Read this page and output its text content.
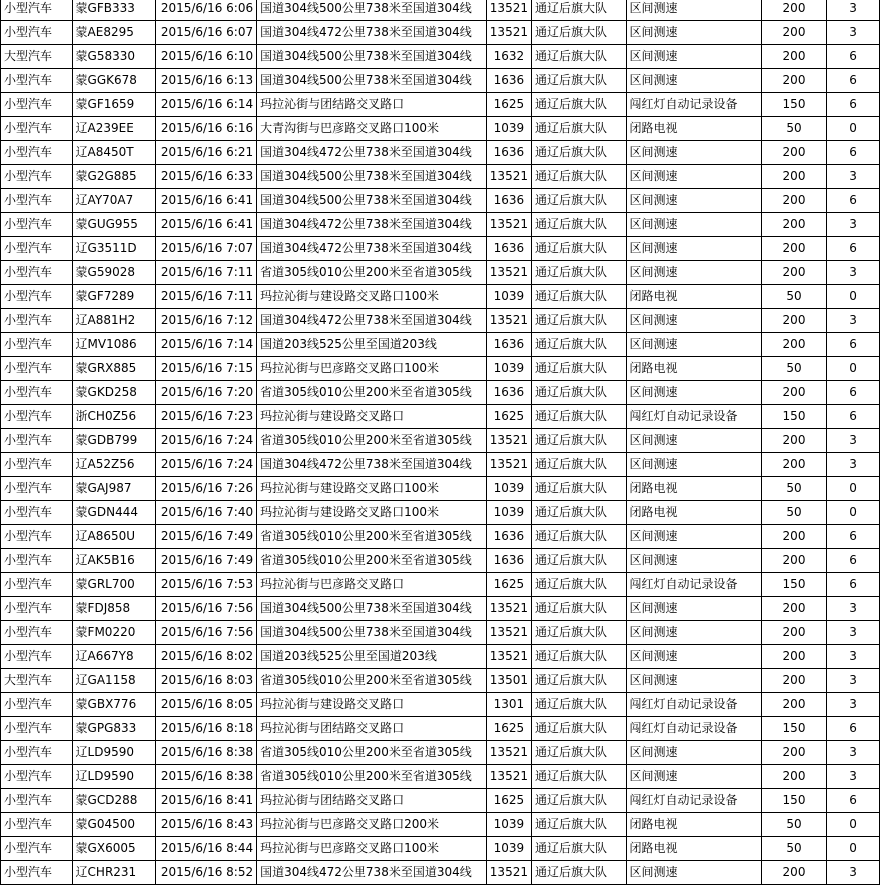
小型汽车	蒙GFB333	2015/6/16 6:06	国道304线500公里738米至国道304线	13521	通辽后旗大队	区间测速	200	3
小型汽车	蒙AE8295	2015/6/16 6:07	国道304线472公里738米至国道304线	13521	通辽后旗大队	区间测速	200	3
大型汽车	蒙G58330	2015/6/16 6:10	国道304线500公里738米至国道304线	1632	通辽后旗大队	区间测速	200	6
小型汽车	蒙GGK678	2015/6/16 6:13	国道304线500公里738米至国道304线	1636	通辽后旗大队	区间测速	200	6
小型汽车	蒙GF1659	2015/6/16 6:14	玛拉沁街与团结路交叉路口	1625	通辽后旗大队	闯红灯自动记录设备	150	6
小型汽车	辽A239EE	2015/6/16 6:16	大青沟街与巴彦路交叉路口100米	1039	通辽后旗大队	闭路电视	50	0
小型汽车	辽A8450T	2015/6/16 6:21	国道304线472公里738米至国道304线	1636	通辽后旗大队	区间测速	200	6
小型汽车	蒙G2G885	2015/6/16 6:33	国道304线500公里738米至国道304线	13521	通辽后旗大队	区间测速	200	3
小型汽车	辽AY70A7	2015/6/16 6:41	国道304线500公里738米至国道304线	1636	通辽后旗大队	区间测速	200	6
小型汽车	蒙GUG955	2015/6/16 6:41	国道304线472公里738米至国道304线	13521	通辽后旗大队	区间测速	200	3
小型汽车	辽G3511D	2015/6/16 7:07	国道304线472公里738米至国道304线	1636	通辽后旗大队	区间测速	200	6
小型汽车	蒙G59028	2015/6/16 7:11	省道305线010公里200米至省道305线	13521	通辽后旗大队	区间测速	200	3
小型汽车	蒙GF7289	2015/6/16 7:11	玛拉沁街与建设路交叉路口100米	1039	通辽后旗大队	闭路电视	50	0
小型汽车	辽A881H2	2015/6/16 7:12	国道304线472公里738米至国道304线	13521	通辽后旗大队	区间测速	200	3
小型汽车	辽MV1086	2015/6/16 7:14	国道203线525公里至国道203线	1636	通辽后旗大队	区间测速	200	6
小型汽车	蒙GRX885	2015/6/16 7:15	玛拉沁街与巴彦路交叉路口100米	1039	通辽后旗大队	闭路电视	50	0
小型汽车	蒙GKD258	2015/6/16 7:20	省道305线010公里200米至省道305线	1636	通辽后旗大队	区间测速	200	6
小型汽车	浙CH0Z56	2015/6/16 7:23	玛拉沁街与建设路交叉路口	1625	通辽后旗大队	闯红灯自动记录设备	150	6
小型汽车	蒙GDB799	2015/6/16 7:24	省道305线010公里200米至省道305线	13521	通辽后旗大队	区间测速	200	3
小型汽车	辽A52Z56	2015/6/16 7:24	国道304线472公里738米至国道304线	13521	通辽后旗大队	区间测速	200	3
小型汽车	蒙GAJ987	2015/6/16 7:26	玛拉沁街与建设路交叉路口100米	1039	通辽后旗大队	闭路电视	50	0
小型汽车	蒙GDN444	2015/6/16 7:40	玛拉沁街与建设路交叉路口100米	1039	通辽后旗大队	闭路电视	50	0
小型汽车	辽A8650U	2015/6/16 7:49	省道305线010公里200米至省道305线	1636	通辽后旗大队	区间测速	200	6
小型汽车	辽AK5B16	2015/6/16 7:49	省道305线010公里200米至省道305线	1636	通辽后旗大队	区间测速	200	6
小型汽车	蒙GRL700	2015/6/16 7:53	玛拉沁街与巴彦路交叉路口	1625	通辽后旗大队	闯红灯自动记录设备	150	6
小型汽车	蒙FDJ858	2015/6/16 7:56	国道304线500公里738米至国道304线	13521	通辽后旗大队	区间测速	200	3
小型汽车	蒙FM0220	2015/6/16 7:56	国道304线500公里738米至国道304线	13521	通辽后旗大队	区间测速	200	3
小型汽车	辽A667Y8	2015/6/16 8:02	国道203线525公里至国道203线	13521	通辽后旗大队	区间测速	200	3
大型汽车	辽GA1158	2015/6/16 8:03	省道305线010公里200米至省道305线	13501	通辽后旗大队	区间测速	200	3
小型汽车	蒙GBX776	2015/6/16 8:05	玛拉沁街与建设路交叉路口	1301	通辽后旗大队	闯红灯自动记录设备	200	3
小型汽车	蒙GPG833	2015/6/16 8:18	玛拉沁街与团结路交叉路口	1625	通辽后旗大队	闯红灯自动记录设备	150	6
小型汽车	辽LD9590	2015/6/16 8:38	省道305线010公里200米至省道305线	13521	通辽后旗大队	区间测速	200	3
小型汽车	辽LD9590	2015/6/16 8:38	省道305线010公里200米至省道305线	13521	通辽后旗大队	区间测速	200	3
小型汽车	蒙GCD288	2015/6/16 8:41	玛拉沁街与团结路交叉路口	1625	通辽后旗大队	闯红灯自动记录设备	150	6
小型汽车	蒙G04500	2015/6/16 8:43	玛拉沁街与巴彦路交叉路口200米	1039	通辽后旗大队	闭路电视	50	0
小型汽车	蒙GX6005	2015/6/16 8:44	玛拉沁街与巴彦路交叉路口100米	1039	通辽后旗大队	闭路电视	50	0
小型汽车	辽CHR231	2015/6/16 8:52	国道304线472公里738米至国道304线	13521	通辽后旗大队	区间测速	200	3
